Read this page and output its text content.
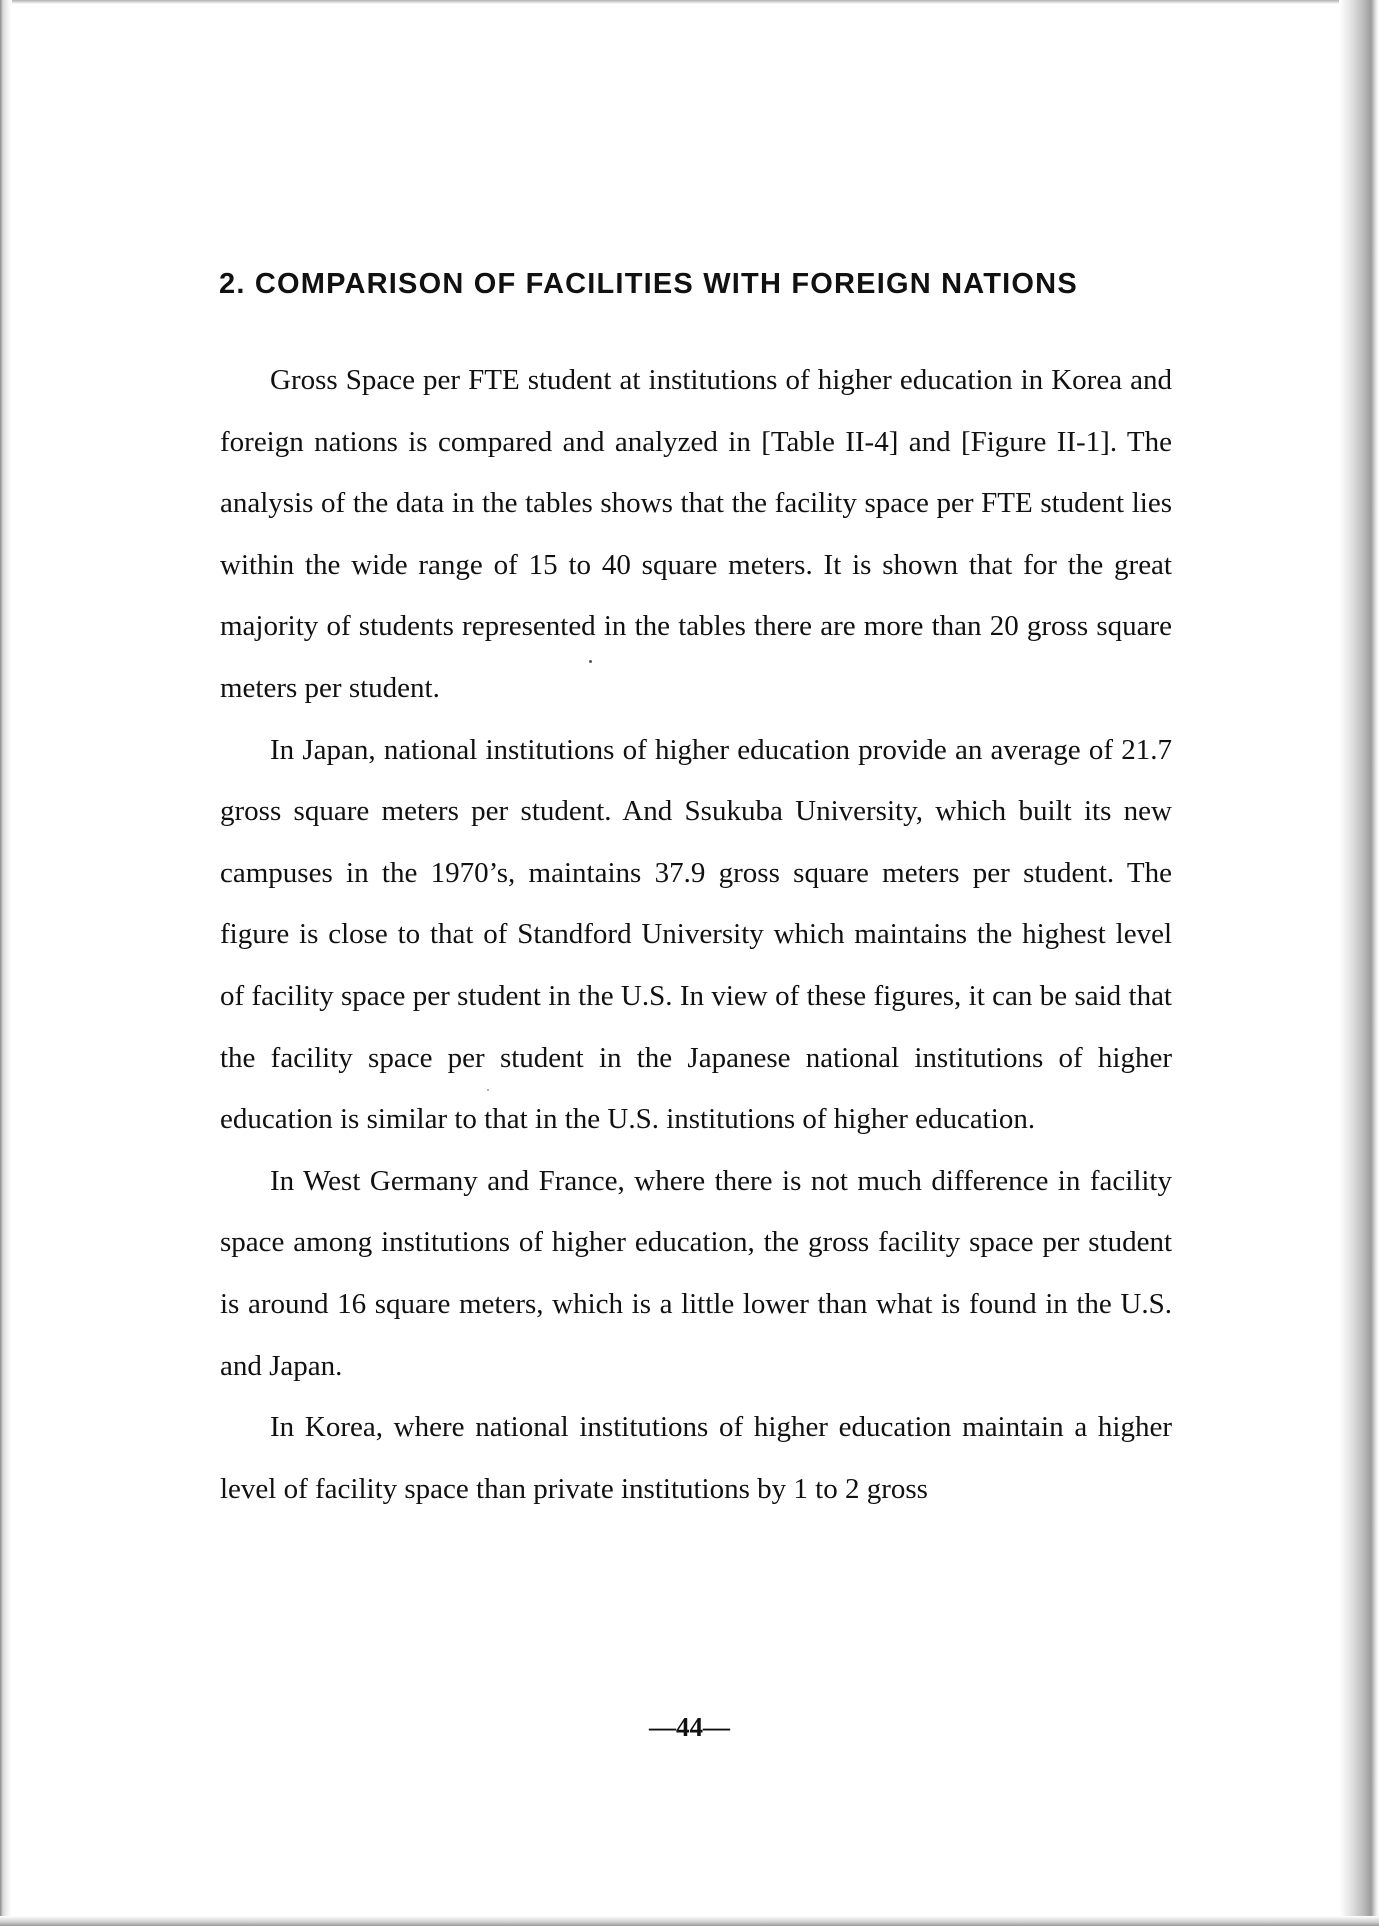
2. COMPARISON OF FACILITIES WITH FOREIGN NATIONS

Gross Space per FTE student at institutions of higher education in Korea and foreign nations is compared and analyzed in [Table II-4] and [Figure II-1]. The analysis of the data in the tables shows that the facility space per FTE student lies within the wide range of 15 to 40 square meters. It is shown that for the great majority of students represented in the tables there are more than 20 gross square meters per student.

In Japan, national institutions of higher education provide an average of 21.7 gross square meters per student. And Ssukuba University, which built its new campuses in the 1970’s, maintains 37.9 gross square meters per student. The figure is close to that of Standford University which maintains the highest level of facility space per student in the U.S. In view of these figures, it can be said that the facility space per student in the Japanese national institutions of higher education is similar to that in the U.S. institutions of higher education.

In West Germany and France, where there is not much difference in facility space among institutions of higher education, the gross facility space per student is around 16 square meters, which is a little lower than what is found in the U.S. and Japan.

In Korea, where national institutions of higher education maintain a higher level of facility space than private institutions by 1 to 2 gross

—44—
